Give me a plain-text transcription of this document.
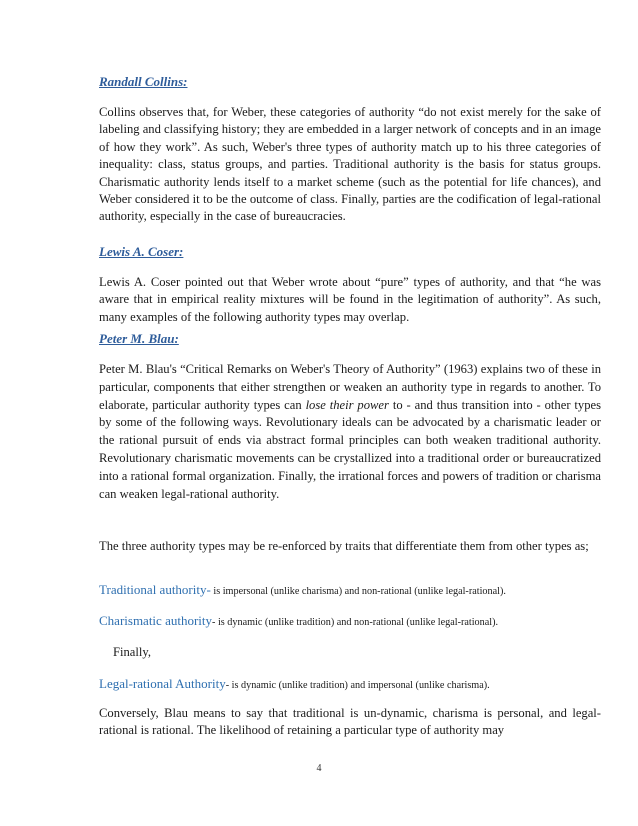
Randall Collins:
Collins observes that, for Weber, these categories of authority “do not exist merely for the sake of labeling and classifying history; they are embedded in a larger network of concepts and in an image of how they work”. As such, Weber's three types of authority match up to his three categories of inequality: class, status groups, and parties. Traditional authority is the basis for status groups. Charismatic authority lends itself to a market scheme (such as the potential for life chances), and Weber considered it to be the outcome of class. Finally, parties are the codification of legal-rational authority, especially in the case of bureaucracies.
Lewis A. Coser:
Lewis A. Coser pointed out that Weber wrote about “pure” types of authority, and that “he was aware that in empirical reality mixtures will be found in the legitimation of authority”. As such, many examples of the following authority types may overlap.
Peter M. Blau:
Peter M. Blau's “Critical Remarks on Weber's Theory of Authority” (1963) explains two of these in particular, components that either strengthen or weaken an authority type in regards to another. To elaborate, particular authority types can lose their power to - and thus transition into - other types by some of the following ways. Revolutionary ideals can be advocated by a charismatic leader or the rational pursuit of ends via abstract formal principles can both weaken traditional authority. Revolutionary charismatic movements can be crystallized into a traditional order or bureaucratized into a rational formal organization. Finally, the irrational forces and powers of tradition or charisma can weaken legal-rational authority.
The three authority types may be re-enforced by traits that differentiate them from other types as;
Traditional authority- is impersonal (unlike charisma) and non-rational (unlike legal-rational).
Charismatic authority- is dynamic (unlike tradition) and non-rational (unlike legal-rational).
Finally,
Legal-rational Authority- is dynamic (unlike tradition) and impersonal (unlike charisma).
Conversely, Blau means to say that traditional is un-dynamic, charisma is personal, and legal-rational is rational. The likelihood of retaining a particular type of authority may
4
